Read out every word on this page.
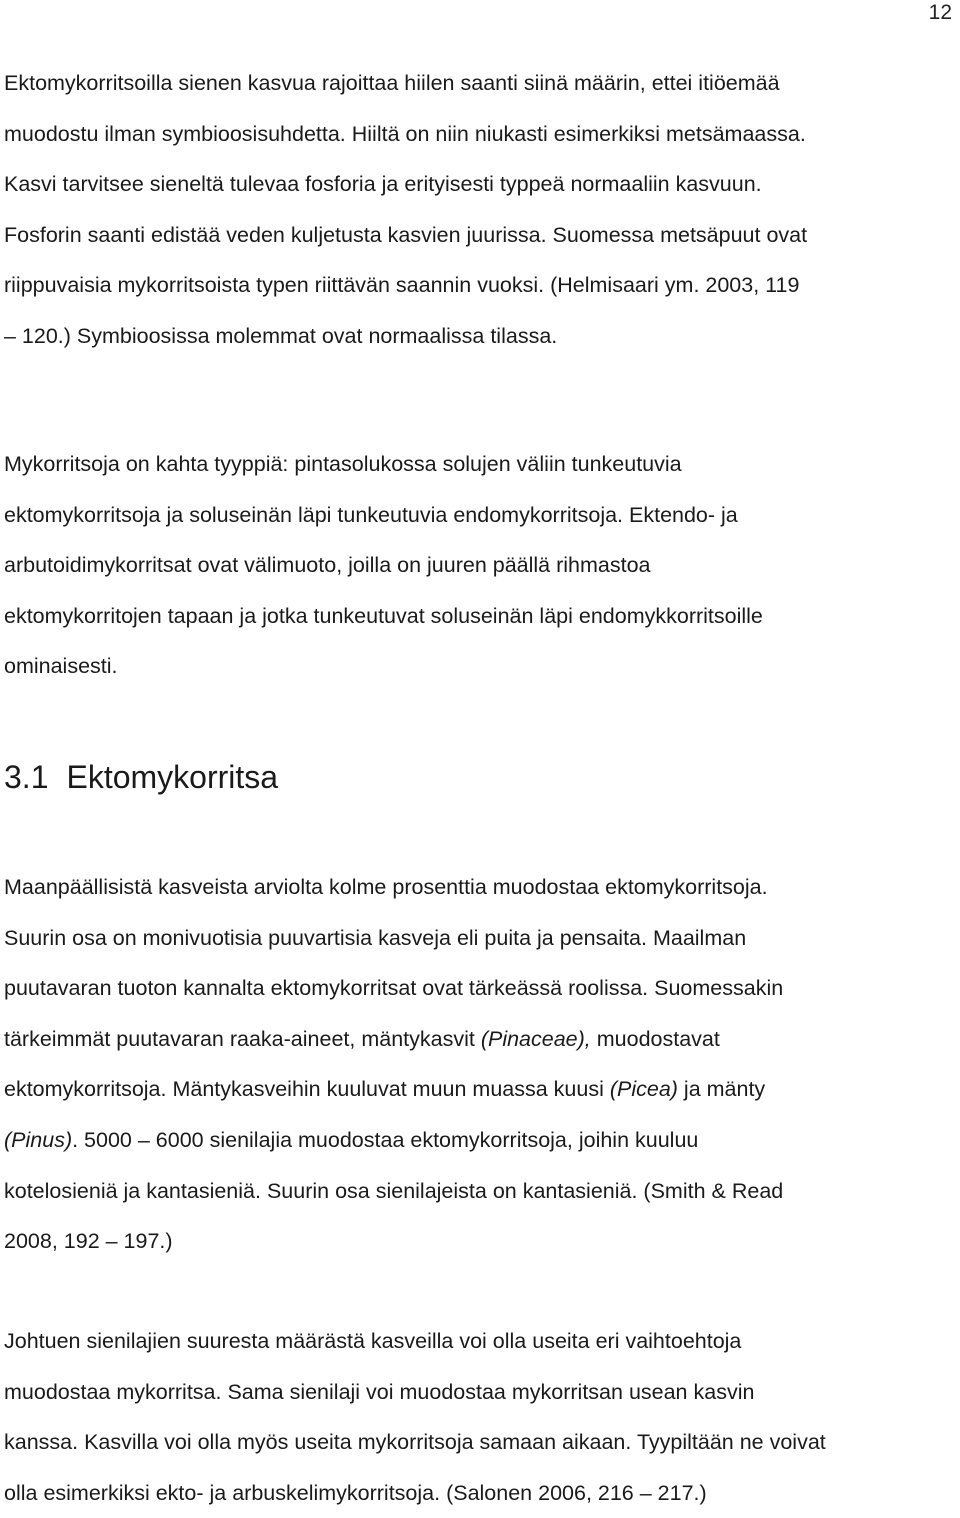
12

Ektomykorritsoilla sienen kasvua rajoittaa hiilen saanti siinä määrin, ettei itiöemää
muodostu ilman symbioosisuhdetta. Hiiltä on niin niukasti esimerkiksi metsämaassa.
Kasvi tarvitsee sieneltä tulevaa fosforia ja erityisesti typpeä normaaliin kasvuun.
Fosforin saanti edistää veden kuljetusta kasvien juurissa. Suomessa metsäpuut ovat
riippuvaisia mykorritsoista typen riittävän saannin vuoksi. (Helmisaari ym. 2003, 119
– 120.) Symbioosissa molemmat ovat normaalissa tilassa.

Mykorritsoja on kahta tyyppiä: pintasolukossa solujen väliin tunkeutuvia
ektomykorritsoja ja soluseinän läpi tunkeutuvia endomykorritsoja. Ektendo- ja
arbutoidimykorritsat ovat välimuoto, joilla on juuren päällä rihmastoa
ektomykorritojen tapaan ja jotka tunkeutuvat soluseinän läpi endomykkorritsoille
ominaisesti.

3.1 Ektomykorritsa

Maanpäällisistä kasveista arviolta kolme prosenttia muodostaa ektomykorritsoja.
Suurin osa on monivuotisia puuvartisia kasveja eli puita ja pensaita. Maailman
puutavaran tuoton kannalta ektomykorritsat ovat tärkeässä roolissa. Suomessakin
tärkeimmät puutavaran raaka-aineet, mäntykasvit (Pinaceae), muodostavat
ektomykorritsoja. Mäntykasveihin kuuluvat muun muassa kuusi (Picea) ja mänty
(Pinus). 5000 – 6000 sienilajia muodostaa ektomykorritsoja, joihin kuuluu
kotelosieniä ja kantasieniä. Suurin osa sienilajeista on kantasieniä. (Smith & Read
2008, 192 – 197.)

Johtuen sienilajien suuresta määrästä kasveilla voi olla useita eri vaihtoehtoja
muodostaa mykorritsa. Sama sienilaji voi muodostaa mykorritsan usean kasvin
kanssa. Kasvilla voi olla myös useita mykorritsoja samaan aikaan. Tyypiltään ne voivat
olla esimerkiksi ekto- ja arbuskelimykorritsoja. (Salonen 2006, 216 – 217.)
